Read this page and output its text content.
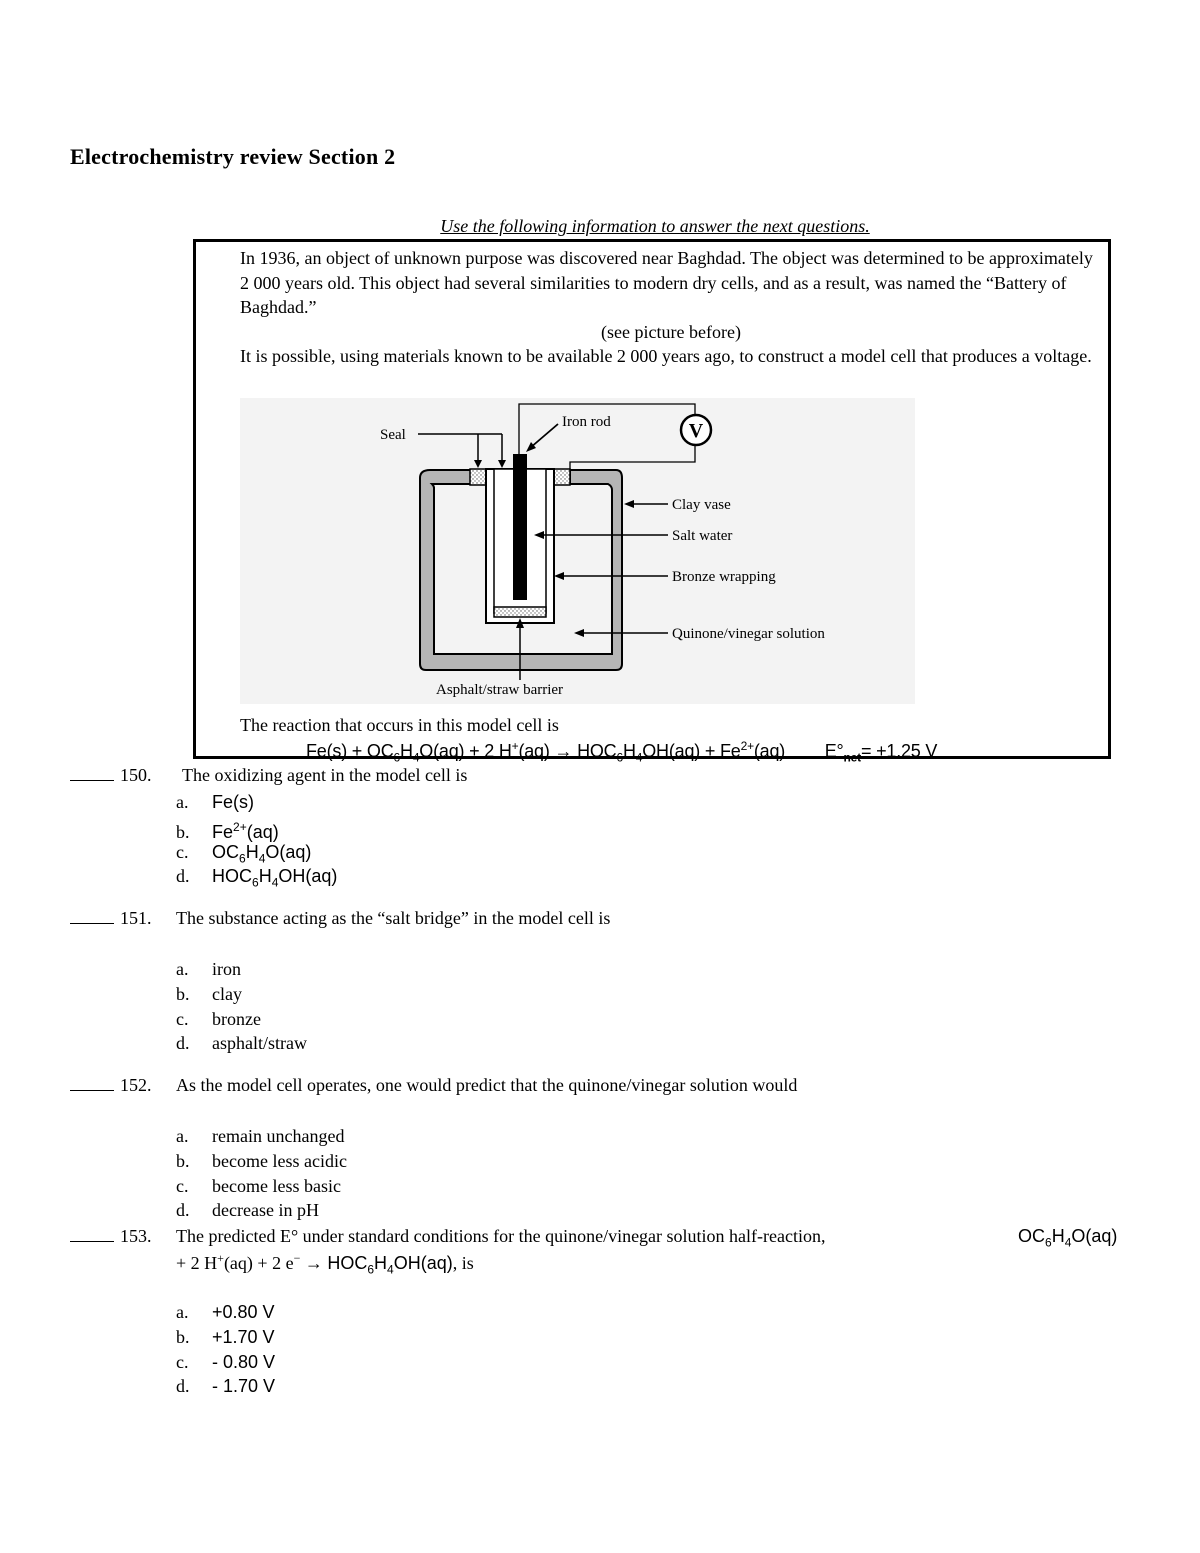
Electrochemistry review Section 2
Use the following information to answer the next questions.

In 1936, an object of unknown purpose was discovered near Baghdad. The object was determined to be approximately 2 000 years old. This object had several similarities to modern dry cells, and as a result, was named the “Battery of Baghdad.”

(see picture before)

It is possible, using materials known to be available 2 000 years ago, to construct a model cell that produces a voltage.

V
Seal
Iron rod
Clay vase
Salt water
Bronze wrapping
Quinone/vinegar solution
Asphalt/straw barrier
The reaction that occurs in this model cell is
$Fe(s) + OC_6H_4O(aq) + 2$ $H^+(aq) \to HOC_6H_4OH(aq) + Fe^{2+}(aq)$ $E^\circ_{net}= +1.25$ V
150. The oxidizing agent in the model cell is
a. Fe(s)
b. $Fe^{2+}(aq)$
c. $OC_6H_4O(aq)$
d. $HOC_6H_4OH(aq)$
151. The substance acting as the “salt bridge” in the model cell is
a. iron
b. clay
c. bronze
d. asphalt/straw
152. As the model cell operates, one would predict that the quinone/vinegar solution would
a. remain unchanged
b. become less acidic
c. become less basic
d. decrease in pH
153. The predicted E° under standard conditions for the quinone/vinegar solution half-reaction,	$OC_6H_4O(aq)$
+ 2 H+(aq) + 2 $e^- \to HOC_6H_4OH(aq)$, is
a. +0.80 V
b. +1.70 V
c. - 0.80 V
d. - 1.70 V
